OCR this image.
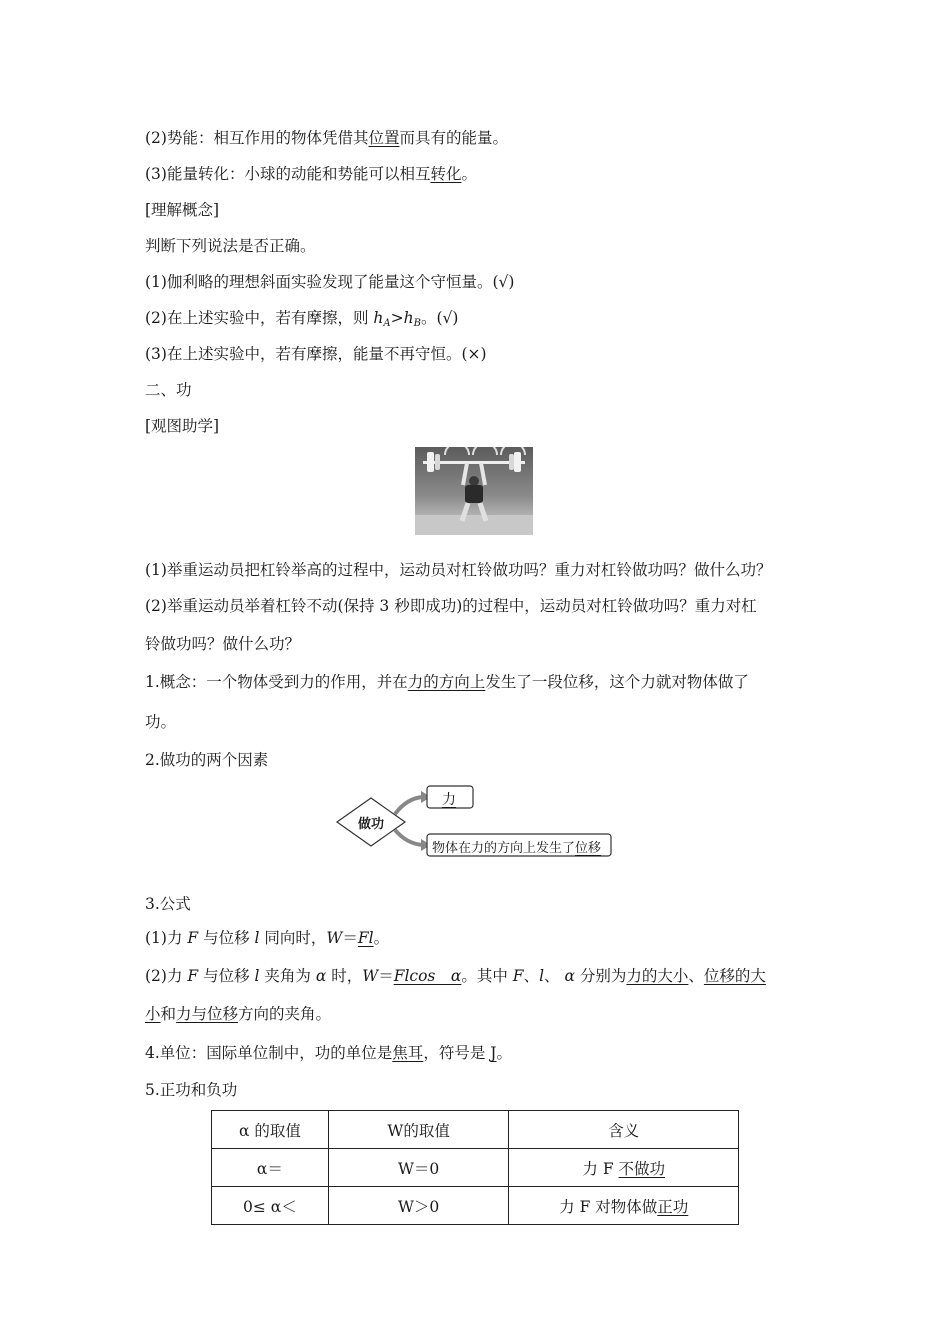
(2)势能：相互作用的物体凭借其位置而具有的能量。
(3)能量转化：小球的动能和势能可以相互转化。
[理解概念]
判断下列说法是否正确。
(1)伽利略的理想斜面实验发现了能量这个守恒量。(√)
(2)在上述实验中，若有摩擦，则 $h_A>h_B$。(√)
(3)在上述实验中，若有摩擦，能量不再守恒。(×)
二、功
[观图助学]
(1)举重运动员把杠铃举高的过程中，运动员对杠铃做功吗？重力对杠铃做功吗？做什么功？
(2)举重运动员举着杠铃不动(保持 3 秒即成功)的过程中，运动员对杠铃做功吗？重力对杠
铃做功吗？做什么功？
1.概念：一个物体受到力的作用，并在力的方向上发生了一段位移，这个力就对物体做了
功。
2.做功的两个因素
做功
力
物体在力的方向上发生了位移
3.公式
(1)力 F 与位移 l 同向时，W＝Fl。
(2)力 F 与位移 l 夹角为 α 时，W＝Flcos　α。其中 F、l、 α 分别为力的大小、位移的大
小和力与位移方向的夹角。
4.单位：国际单位制中，功的单位是焦耳，符号是 J。
5.正功和负功
α 的取值	W的取值	含义
α＝	W＝0	力 F 不做功
0≤ α＜	W＞0	力 F 对物体做正功
